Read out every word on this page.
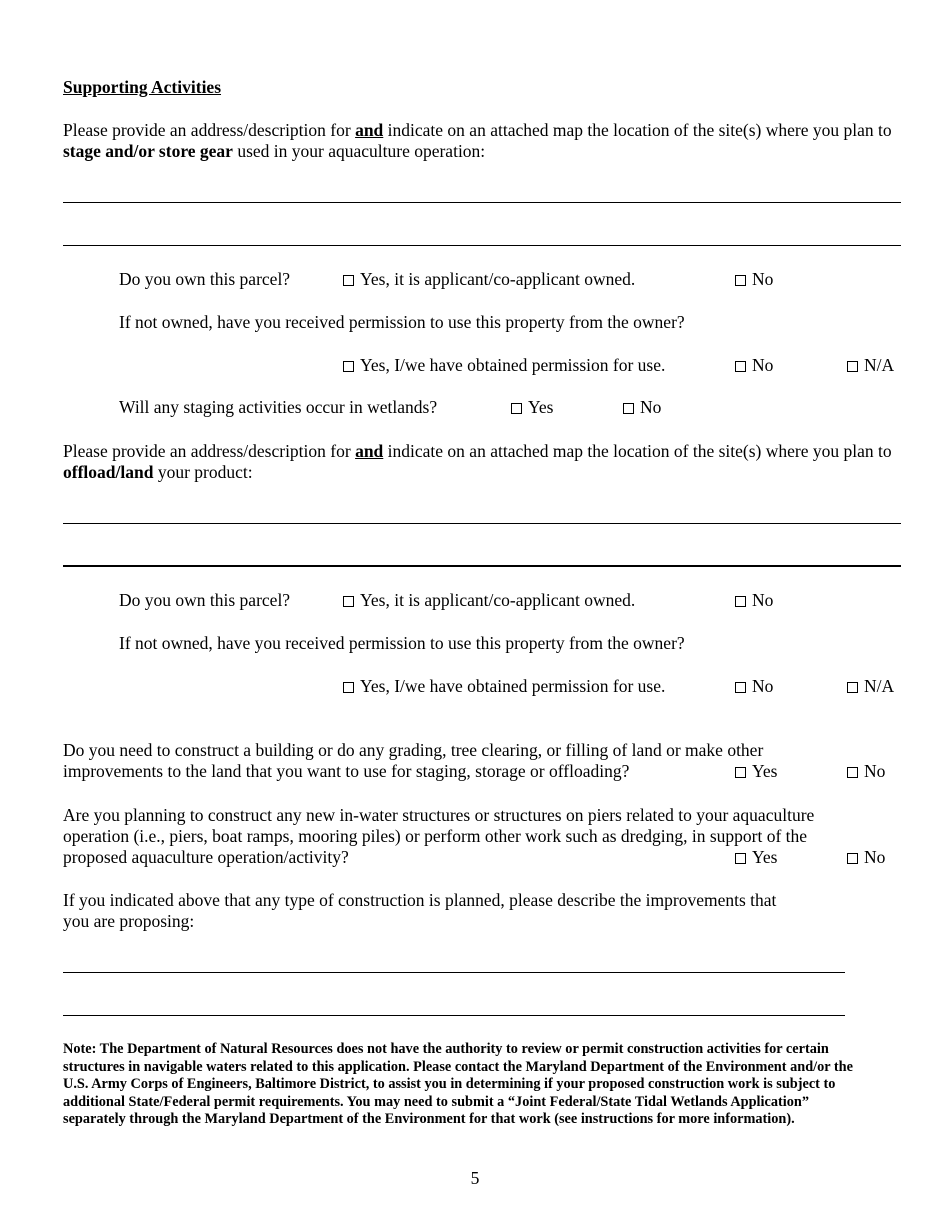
Supporting Activities
Please provide an address/description for and indicate on an attached map the location of the site(s) where you plan to stage and/or store gear used in your aquaculture operation:
Do you own this parcel?	Yes, it is applicant/co-applicant owned.	No
If not owned, have you received permission to use this property from the owner?
Yes, I/we have obtained permission for use.	No	N/A
Will any staging activities occur in wetlands?	Yes	No
Please provide an address/description for and indicate on an attached map the location of the site(s) where you plan to offload/land your product:
Do you own this parcel?	Yes, it is applicant/co-applicant owned.	No
If not owned, have you received permission to use this property from the owner?
Yes, I/we have obtained permission for use.	No	N/A
Do you need to construct a building or do any grading, tree clearing, or filling of land or make other
improvements to the land that you want to use for staging, storage or offloading?	Yes	No
Are you planning to construct any new in-water structures or structures on piers related to your aquaculture
operation (i.e., piers, boat ramps, mooring piles) or perform other work such as dredging, in support of the
proposed aquaculture operation/activity?	Yes	No
If you indicated above that any type of construction is planned, please describe the improvements that
you are proposing:
Note: The Department of Natural Resources does not have the authority to review or permit construction activities for certain structures in navigable waters related to this application. Please contact the Maryland Department of the Environment and/or the U.S. Army Corps of Engineers, Baltimore District, to assist you in determining if your proposed construction work is subject to additional State/Federal permit requirements. You may need to submit a “Joint Federal/State Tidal Wetlands Application” separately through the Maryland Department of the Environment for that work (see instructions for more information).
5
